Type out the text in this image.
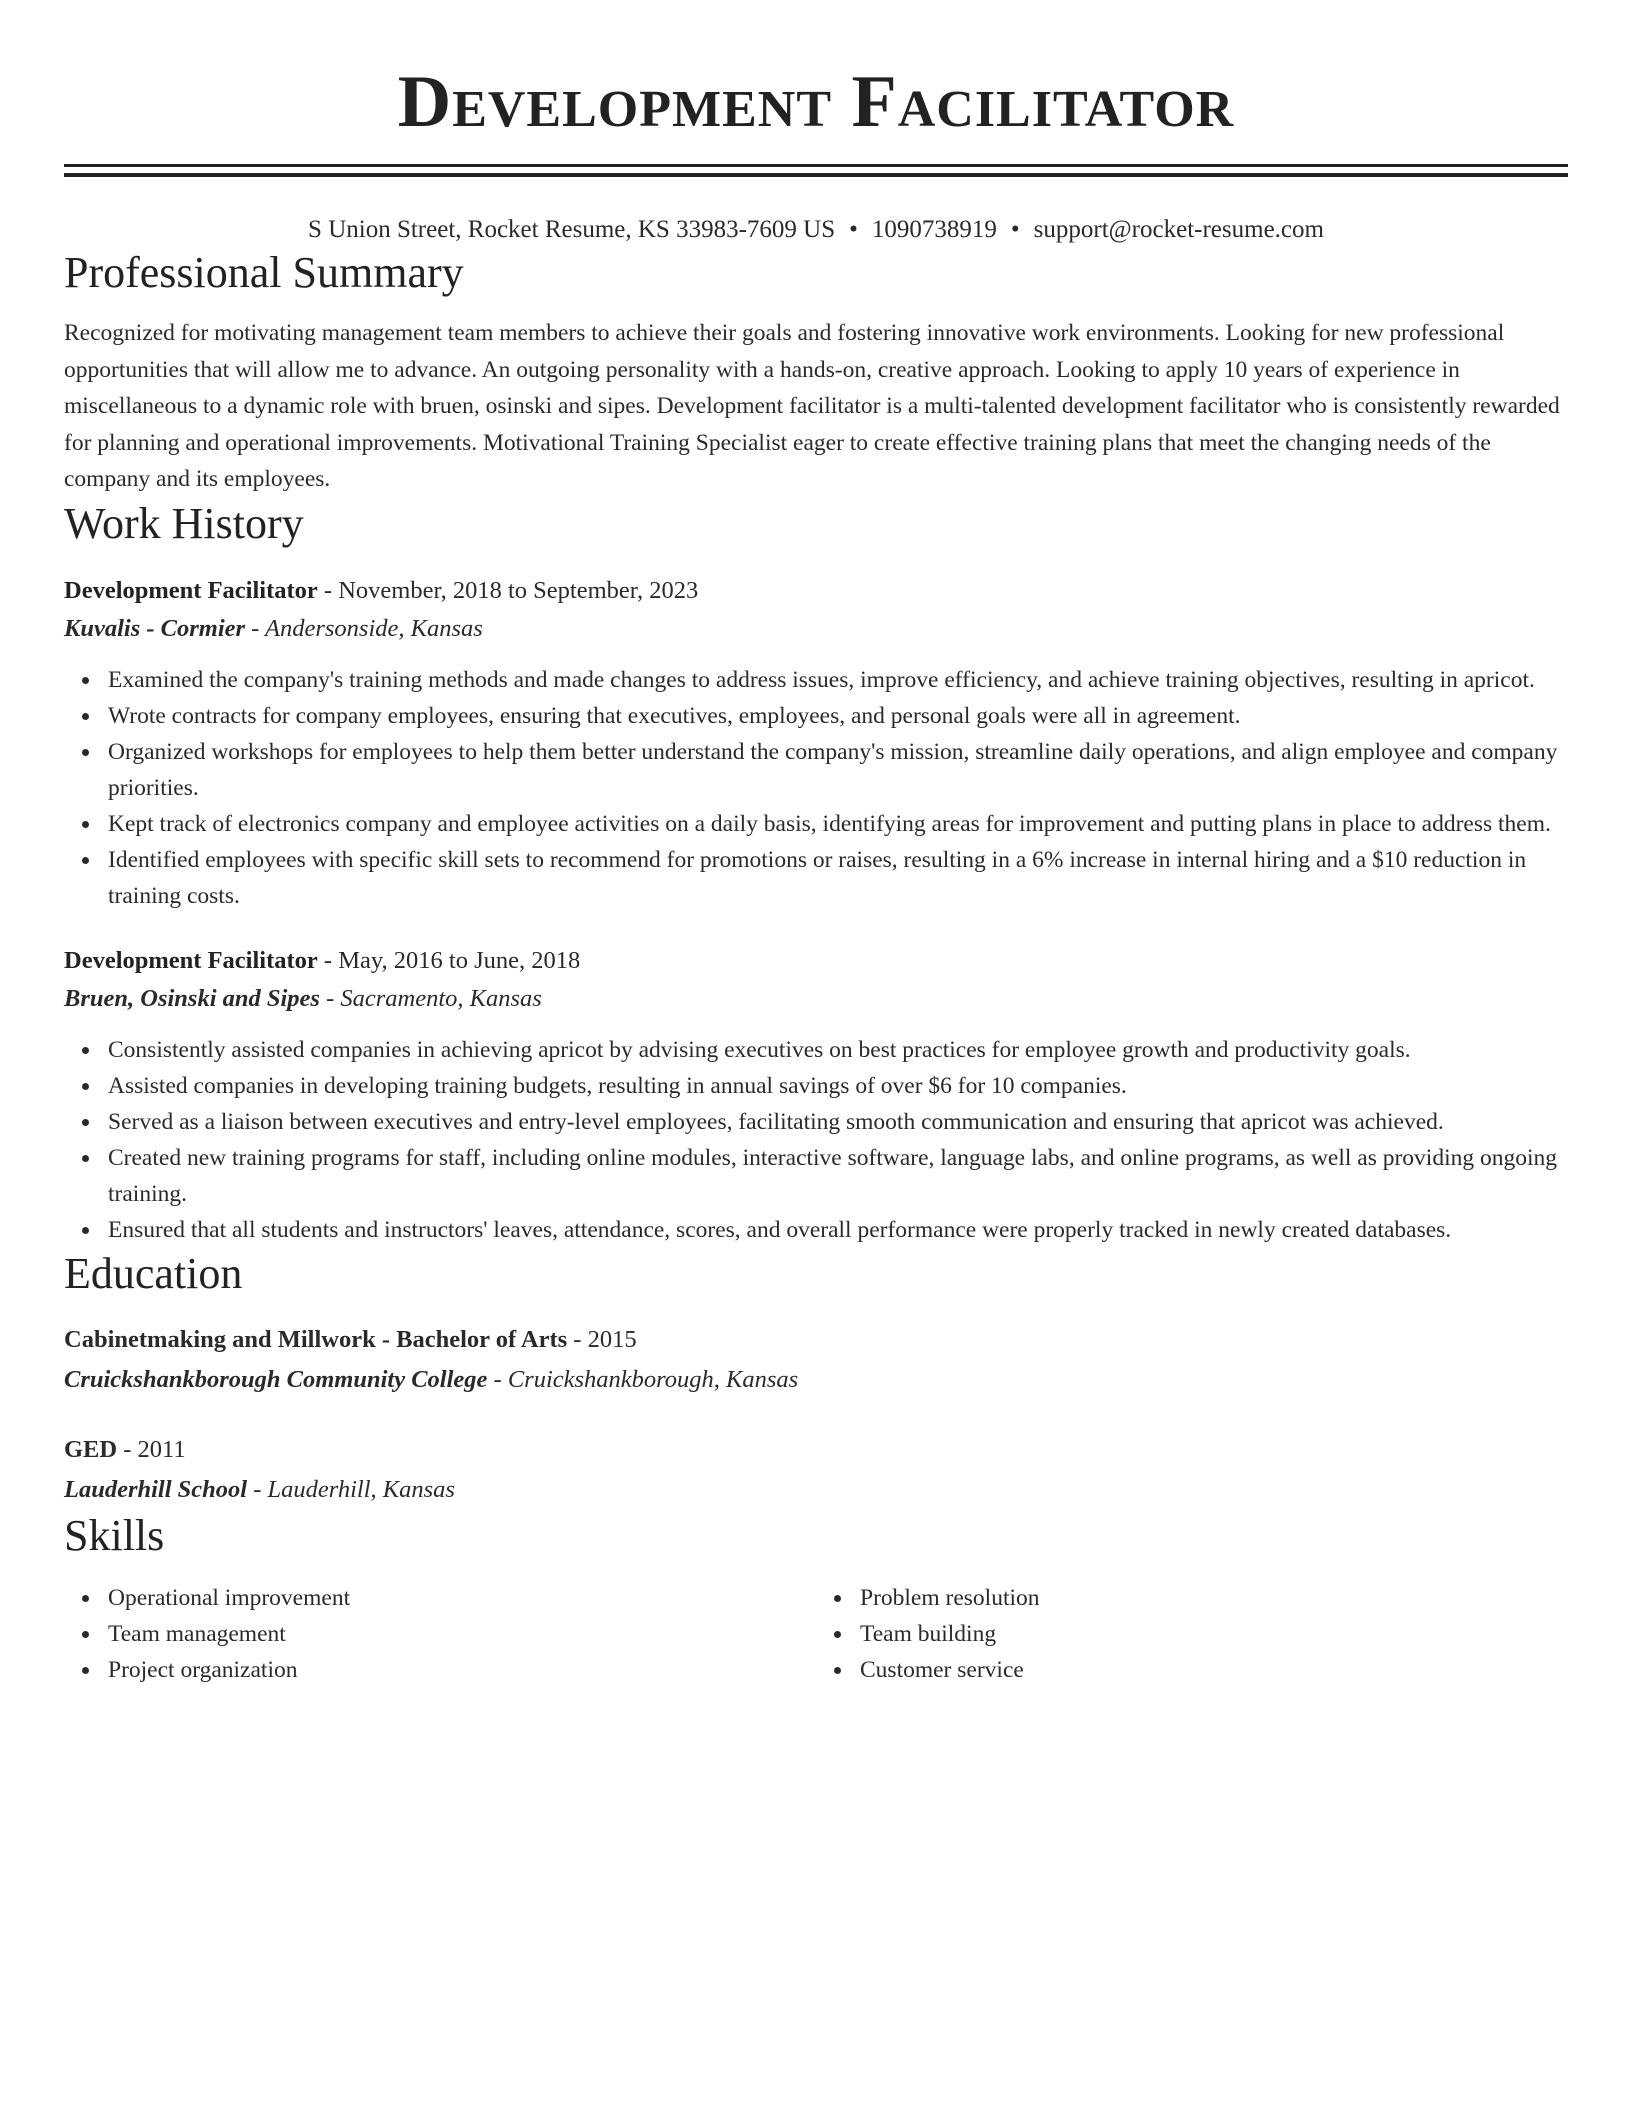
Development Facilitator
S Union Street, Rocket Resume, KS 33983-7609 US • 1090738919 • support@rocket-resume.com
Professional Summary

Recognized for motivating management team members to achieve their goals and fostering innovative work environments. Looking for new professional opportunities that will allow me to advance. An outgoing personality with a hands-on, creative approach. Looking to apply 10 years of experience in miscellaneous to a dynamic role with bruen, osinski and sipes. Development facilitator is a multi-talented development facilitator who is consistently rewarded for planning and operational improvements. Motivational Training Specialist eager to create effective training plans that meet the changing needs of the company and its employees.

Work History
Development Facilitator - November, 2018 to September, 2023
Kuvalis - Cormier - Andersonside, Kansas
Examined the company's training methods and made changes to address issues, improve efficiency, and achieve training objectives, resulting in apricot.
Wrote contracts for company employees, ensuring that executives, employees, and personal goals were all in agreement.
Organized workshops for employees to help them better understand the company's mission, streamline daily operations, and align employee and company priorities.
Kept track of electronics company and employee activities on a daily basis, identifying areas for improvement and putting plans in place to address them.
Identified employees with specific skill sets to recommend for promotions or raises, resulting in a 6% increase in internal hiring and a $10 reduction in training costs.
Development Facilitator - May, 2016 to June, 2018
Bruen, Osinski and Sipes - Sacramento, Kansas
Consistently assisted companies in achieving apricot by advising executives on best practices for employee growth and productivity goals.
Assisted companies in developing training budgets, resulting in annual savings of over $6 for 10 companies.
Served as a liaison between executives and entry-level employees, facilitating smooth communication and ensuring that apricot was achieved.
Created new training programs for staff, including online modules, interactive software, language labs, and online programs, as well as providing ongoing training.
Ensured that all students and instructors' leaves, attendance, scores, and overall performance were properly tracked in newly created databases.
Education
Cabinetmaking and Millwork - Bachelor of Arts - 2015
Cruickshankborough Community College - Cruickshankborough, Kansas
GED - 2011
Lauderhill School - Lauderhill, Kansas
Skills
Operational improvement
Team management
Project organization
Problem resolution
Team building
Customer service
